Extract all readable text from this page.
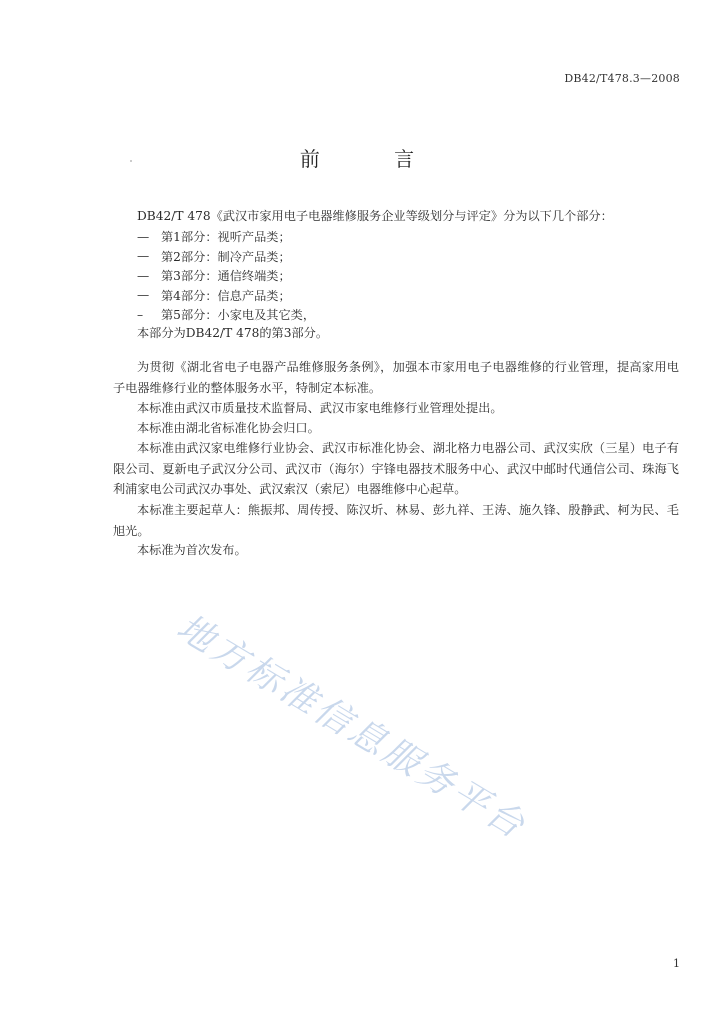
DB42/T478.3—2008
前 言
DB42/T 478《武汉市家用电子电器维修服务企业等级划分与评定》分为以下几个部分：
— 第1部分：视听产品类；
— 第2部分：制冷产品类；
— 第3部分：通信终端类；
— 第4部分：信息产品类；
–	第5部分：小家电及其它类，
本部分为DB42/T 478的第3部分。

为贯彻《湖北省电子电器产品维修服务条例》，加强本市家用电子电器维修的行业管理，提高家用电子电器维修行业的整体服务水平，特制定本标准。

本标准由武汉市质量技术监督局、武汉市家电维修行业管理处提出。

本标准由湖北省标准化协会归口。

本标准由武汉家电维修行业协会、武汉市标准化协会、湖北格力电器公司、武汉实欣（三星）电子有限公司、夏新电子武汉分公司、武汉市（海尔）宇锋电器技术服务中心、武汉中邮时代通信公司、珠海飞利浦家电公司武汉办事处、武汉索汉（索尼）电器维修中心起草。

本标准主要起草人：熊振邦、周传授、陈汉圻、林易、彭九祥、王涛、施久锋、殷静武、柯为民、毛旭光。

本标准为首次发布。

地方标准信息服务平台
1
